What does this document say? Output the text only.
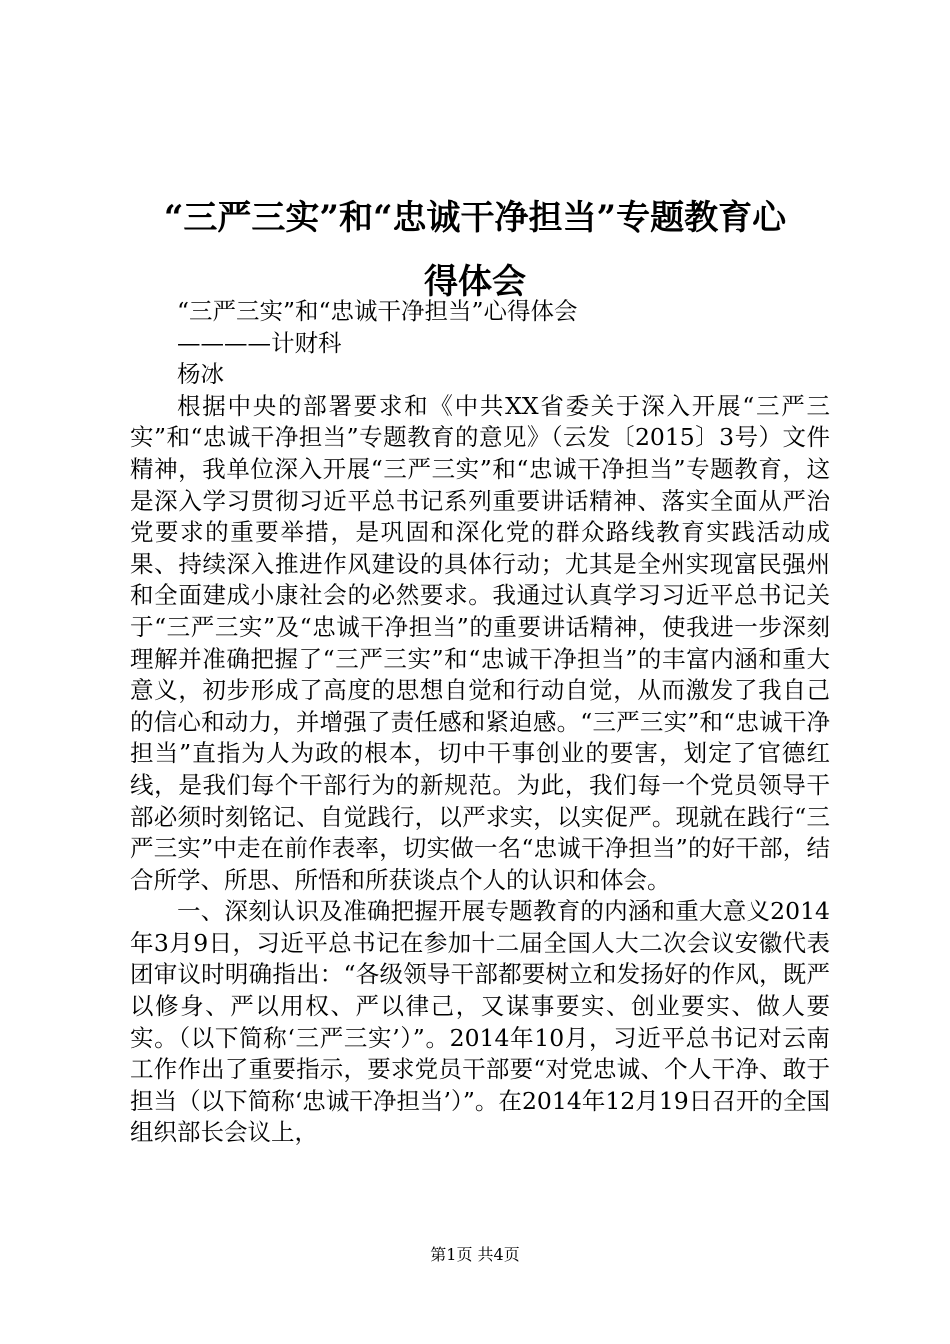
“三严三实”和“忠诚干净担当”专题教育心
得体会

“三严三实”和“忠诚干净担当”心得体会

————计财科

杨冰

根据中央的部署要求和《中共XX省委关于深入开展“三严三实”和“忠诚干净担当”专题教育的意见》（云发〔2015〕3号）文件精神，我单位深入开展“三严三实”和“忠诚干净担当”专题教育，这是深入学习贯彻习近平总书记系列重要讲话精神、落实全面从严治党要求的重要举措，是巩固和深化党的群众路线教育实践活动成果、持续深入推进作风建设的具体行动；尤其是全州实现富民强州和全面建成小康社会的必然要求。我通过认真学习习近平总书记关于“三严三实”及“忠诚干净担当”的重要讲话精神，使我进一步深刻理解并准确把握了“三严三实”和“忠诚干净担当”的丰富内涵和重大意义，初步形成了高度的思想自觉和行动自觉，从而激发了我自己的信心和动力，并增强了责任感和紧迫感。“三严三实”和“忠诚干净担当”直指为人为政的根本，切中干事创业的要害，划定了官德红线，是我们每个干部行为的新规范。为此，我们每一个党员领导干部必须时刻铭记、自觉践行，以严求实，以实促严。现就在践行“三严三实”中走在前作表率，切实做一名“忠诚干净担当”的好干部，结合所学、所思、所悟和所获谈点个人的认识和体会。

一、深刻认识及准确把握开展专题教育的内涵和重大意义2014年3月9日，习近平总书记在参加十二届全国人大二次会议安徽代表团审议时明确指出：“各级领导干部都要树立和发扬好的作风，既严以修身、严以用权、严以律己，又谋事要实、创业要实、做人要实。（以下简称‘三严三实’）”。2014年10月，习近平总书记对云南工作作出了重要指示，要求党员干部要“对党忠诚、个人干净、敢于担当（以下简称‘忠诚干净担当’）”。在2014年12月19日召开的全国组织部长会议上，

第1页 共4页
